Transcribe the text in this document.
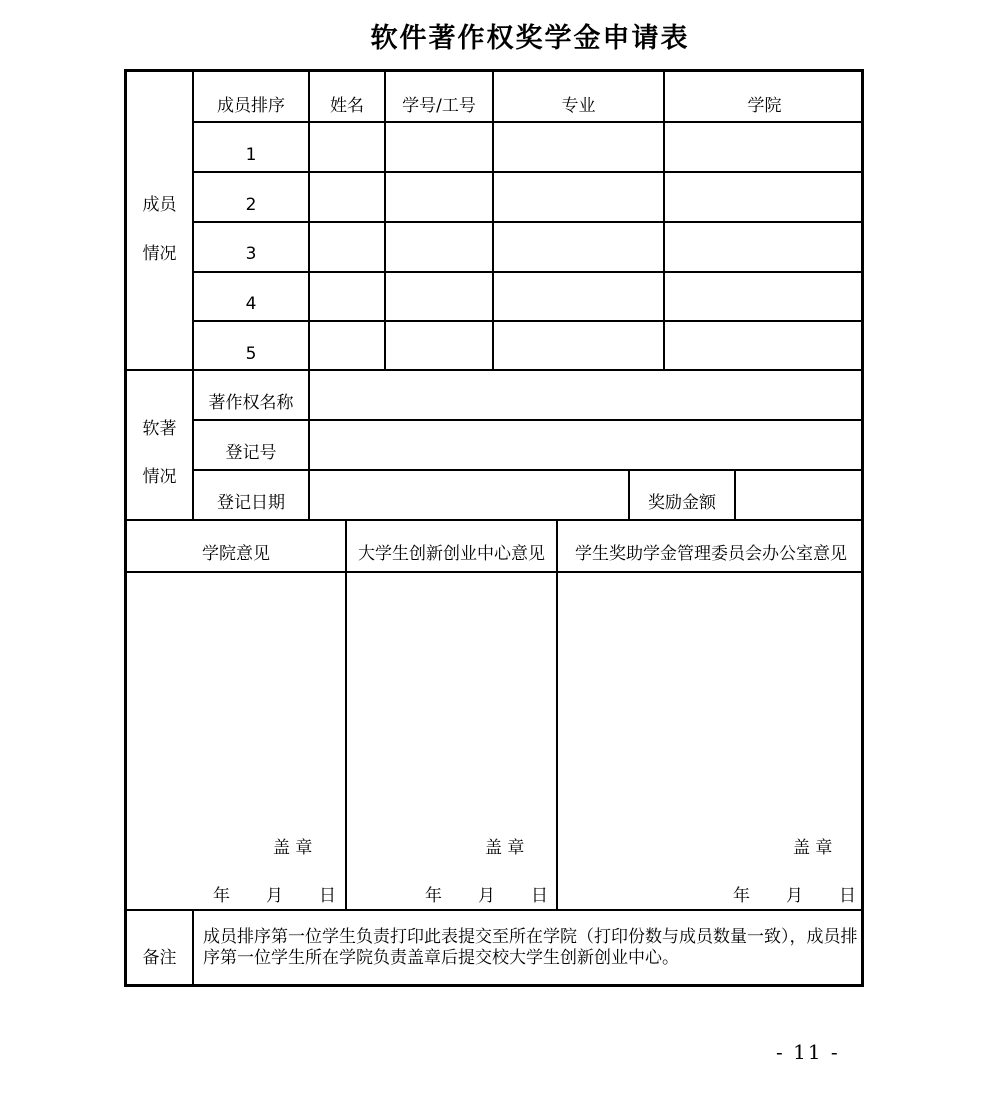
软件著作权奖学金申请表
成员
情况
成员排序	姓名	学号/工号	专业	学院
1
2
3
4
5
软著
情况
著作权名称
登记号
登记日期	奖励金额
学院意见	大学生创新创业中心意见	学生奖助学金管理委员会办公室意见
盖 章
年 月 日
盖 章
年 月 日
盖 章
年 月 日
备注
成员排序第一位学生负责打印此表提交至所在学院（打印份数与成员数量一致），成员排序第一位学生所在学院负责盖章后提交校大学生创新创业中心。
- 11 -
